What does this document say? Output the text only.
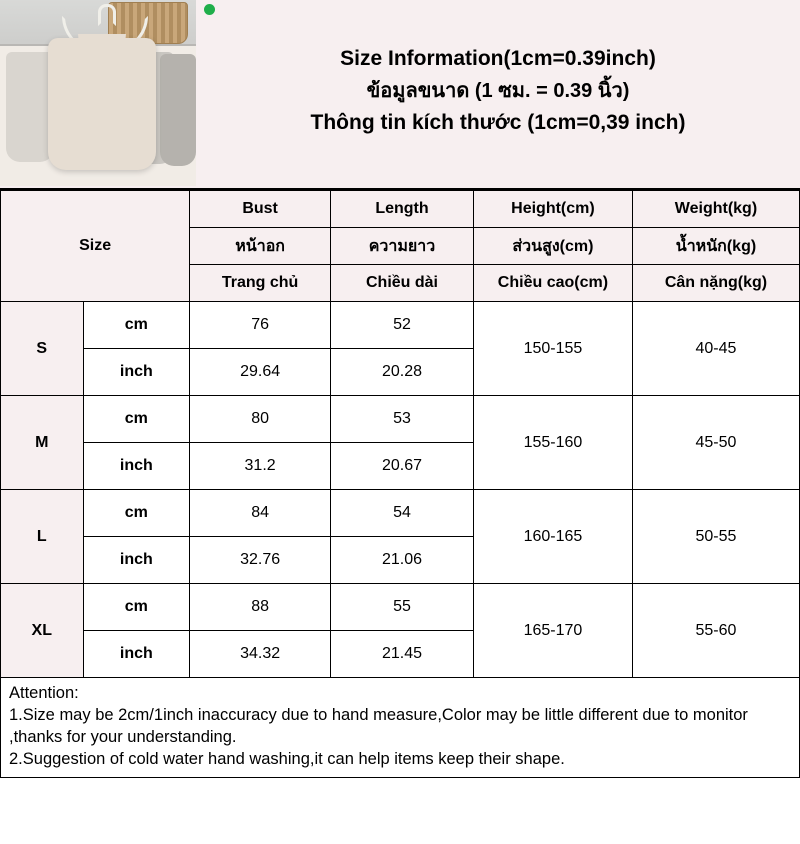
Size Information(1cm=0.39inch)
ข้อมูลขนาด (1 ซม. = 0.39 นิ้ว)
Thông tin kích thước (1cm=0,39 inch)
Size		Bust	Length	Height(cm)	Weight(kg)
		หน้าอก	ความยาว	ส่วนสูง(cm)	น้ำหนัก(kg)
		Trang chủ	Chiều dài	Chiều cao(cm)	Cân nặng(kg)
S	cm	76	52	150-155	40-45
	inch	29.64	20.28		
M	cm	80	53	155-160	45-50
	inch	31.2	20.67		
L	cm	84	54	160-165	50-55
	inch	32.76	21.06		
XL	cm	88	55	165-170	55-60
	inch	34.32	21.45		

Attention:

1.Size may be 2cm/1inch inaccuracy due to hand measure,Color may be little different due to monitor ,thanks for your understanding.

2.Suggestion of cold water hand washing,it can help items keep their shape.
